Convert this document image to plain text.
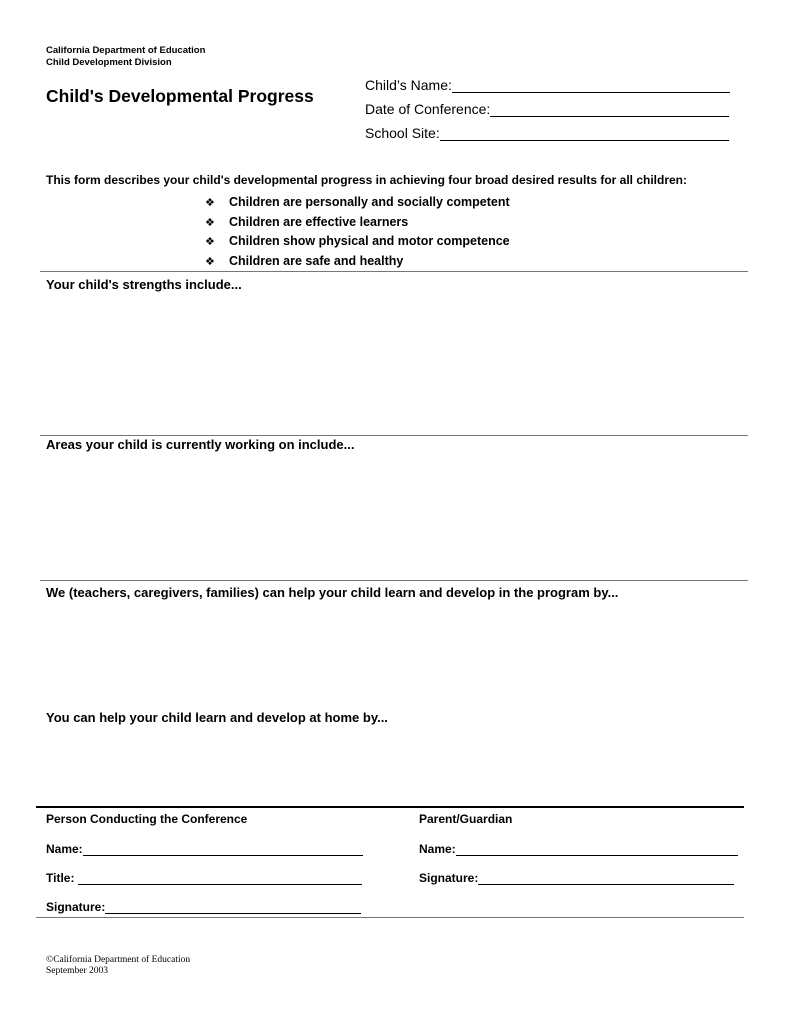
California Department of Education
Child Development Division
Child's Developmental Progress
Child’s Name:
Date of Conference:
School Site:
This form describes your child's developmental progress in achieving four broad desired results for all children:
❖ Children are personally and socially competent
❖ Children are effective learners
❖ Children show physical and motor competence
❖ Children are safe and healthy
Your child's strengths include...
Areas your child is currently working on include...
We (teachers, caregivers, families) can help your child learn and develop in the program by...
You can help your child learn and develop at home by...
Person Conducting the Conference
Name:
Title:
Signature:
Parent/Guardian
Name:
Signature:
©California Department of Education
September 2003
